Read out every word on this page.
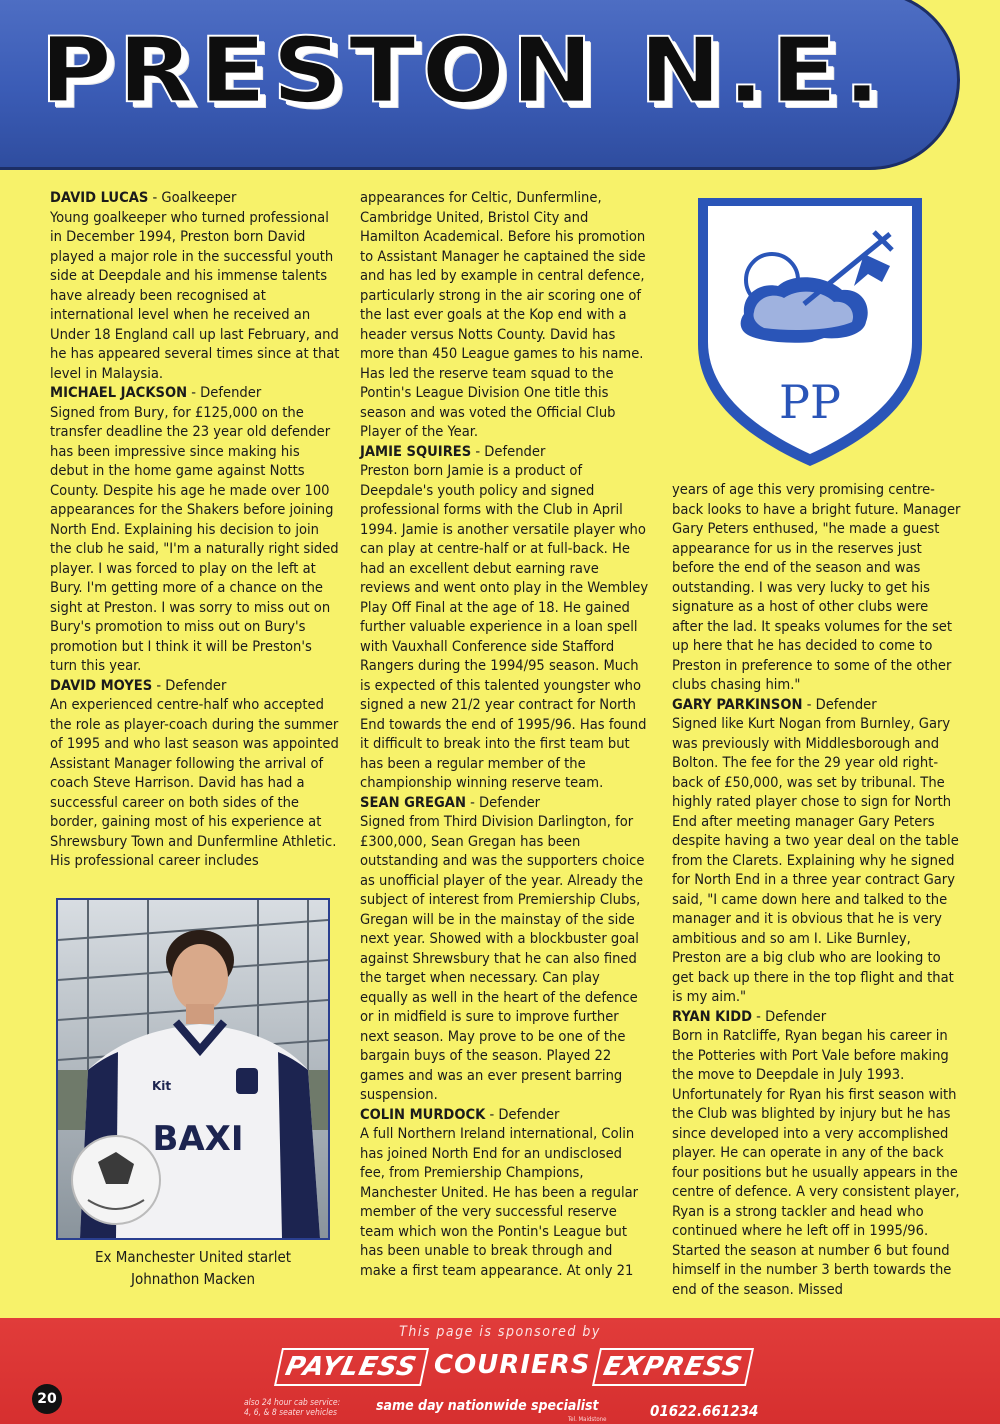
PRESTON N.E.

DAVID LUCAS - Goalkeeper

Young goalkeeper who turned professional in December 1994, Preston born David played a major role in the successful youth side at Deepdale and his immense talents have already been recognised at international level when he received an Under 18 England call up last February, and he has appeared several times since at that level in Malaysia.

MICHAEL JACKSON - Defender

Signed from Bury, for £125,000 on the transfer deadline the 23 year old defender has been impressive since making his debut in the home game against Notts County. Despite his age he made over 100 appearances for the Shakers before joining North End. Explaining his decision to join the club he said, "I'm a naturally right sided player. I was forced to play on the left at Bury. I'm getting more of a chance on the sight at Preston. I was sorry to miss out on Bury's promotion to miss out on Bury's promotion but I think it will be Preston's turn this year.

DAVID MOYES - Defender

An experienced centre-half who accepted the role as player-coach during the summer of 1995 and who last season was appointed Assistant Manager following the arrival of coach Steve Harrison. David has had a successful career on both sides of the border, gaining most of his experience at Shrewsbury Town and Dunfermline Athletic. His professional career includes

appearances for Celtic, Dunfermline, Cambridge United, Bristol City and Hamilton Academical. Before his promotion to Assistant Manager he captained the side and has led by example in central defence, particularly strong in the air scoring one of the last ever goals at the Kop end with a header versus Notts County. David has more than 450 League games to his name. Has led the reserve team squad to the Pontin's League Division One title this season and was voted the Official Club Player of the Year.

JAMIE SQUIRES - Defender

Preston born Jamie is a product of Deepdale's youth policy and signed professional forms with the Club in April 1994. Jamie is another versatile player who can play at centre-half or at full-back. He had an excellent debut earning rave reviews and went onto play in the Wembley Play Off Final at the age of 18. He gained further valuable experience in a loan spell with Vauxhall Conference side Stafford Rangers during the 1994/95 season. Much is expected of this talented youngster who signed a new 21/2 year contract for North End towards the end of 1995/96. Has found it difficult to break into the first team but has been a regular member of the championship winning reserve team.

SEAN GREGAN - Defender

Signed from Third Division Darlington, for £300,000, Sean Gregan has been outstanding and was the supporters choice as unofficial player of the year. Already the subject of interest from Premiership Clubs, Gregan will be in the mainstay of the side next year. Showed with a blockbuster goal against Shrewsbury that he can also fined the target when necessary. Can play equally as well in the heart of the defence or in midfield is sure to improve further next season. May prove to be one of the bargain buys of the season. Played 22 games and was an ever present barring suspension.

COLIN MURDOCK - Defender

A full Northern Ireland international, Colin has joined North End for an undisclosed fee, from Premiership Champions, Manchester United. He has been a regular member of the very successful reserve team which won the Pontin's League but has been unable to break through and make a first team appearance. At only 21

years of age this very promising centre-back looks to have a bright future. Manager Gary Peters enthused, "he made a guest appearance for us in the reserves just before the end of the season and was outstanding. I was very lucky to get his signature as a host of other clubs were after the lad. It speaks volumes for the set up here that he has decided to come to Preston in preference to some of the other clubs chasing him."

GARY PARKINSON - Defender

Signed like Kurt Nogan from Burnley, Gary was previously with Middlesborough and Bolton. The fee for the 29 year old right-back of £50,000, was set by tribunal. The highly rated player chose to sign for North End after meeting manager Gary Peters despite having a two year deal on the table from the Clarets. Explaining why he signed for North End in a three year contract Gary said, "I came down here and talked to the manager and it is obvious that he is very ambitious and so am I. Like Burnley, Preston are a big club who are looking to get back up there in the top flight and that is my aim."

RYAN KIDD - Defender

Born in Ratcliffe, Ryan began his career in the Potteries with Port Vale before making the move to Deepdale in July 1993. Unfortunately for Ryan his first season with the Club was blighted by injury but he has since developed into a very accomplished player. He can operate in any of the back four positions but he usually appears in the centre of defence. A very consistent player, Ryan is a strong tackler and head who continued where he left off in 1995/96. Started the season at number 6 but found himself in the number 3 berth towards the end of the season. Missed

PP
BAXI
Kit
Ex Manchester United starlet
Johnathon Macken
This page is sponsored by
PAYLESS COURIERS EXPRESS
also 24 hour cab service:
4, 6, & 8 seater vehicles	same day nationwide specialist
Tel. Maidstone	01622.661234
20
